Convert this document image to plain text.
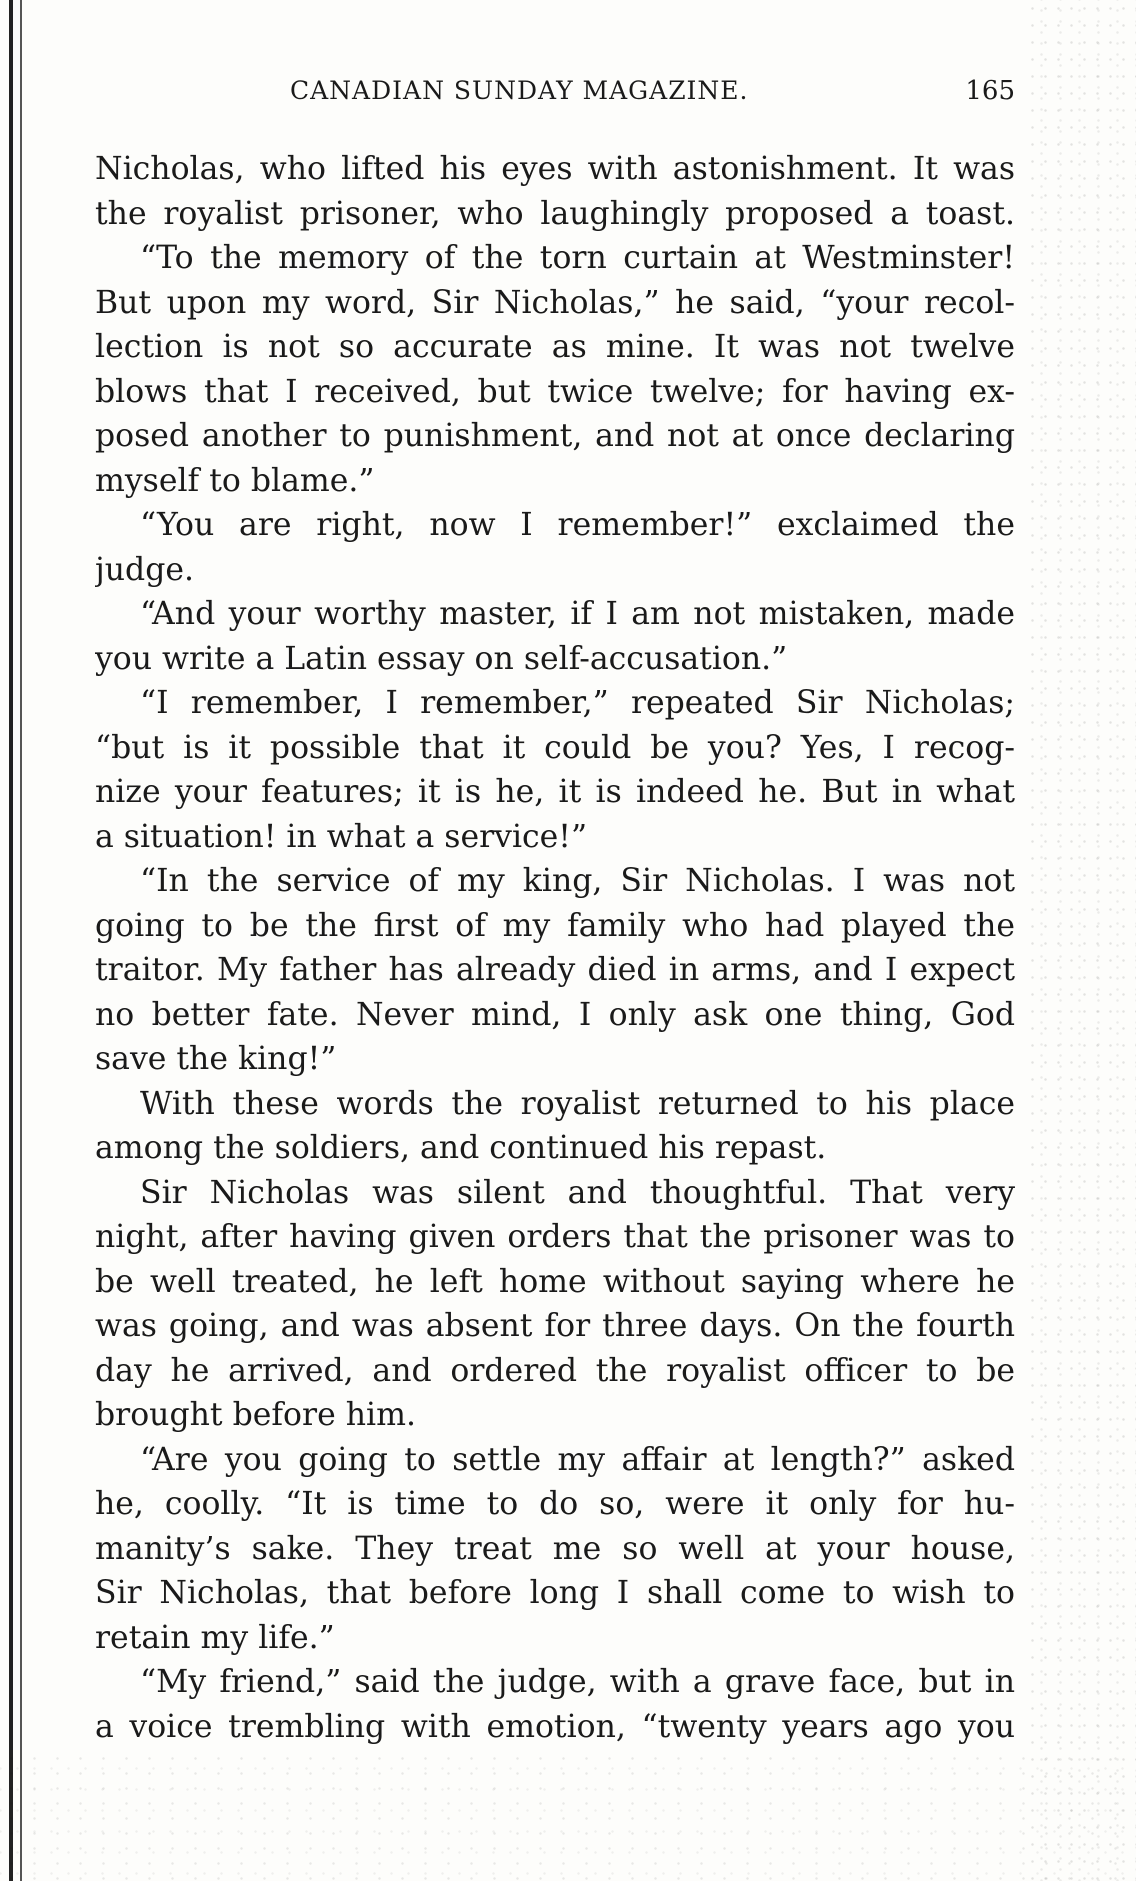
CANADIAN SUNDAY MAGAZINE.	165
Nicholas, who lifted his eyes with astonishment. It was
the royalist prisoner, who laughingly proposed a toast.
“To the memory of the torn curtain at Westminster!
But upon my word, Sir Nicholas,” he said, “your recol-
lection is not so accurate as mine. It was not twelve
blows that I received, but twice twelve; for having ex-
posed another to punishment, and not at once declaring
myself to blame.”
“You are right, now I remember!” exclaimed the
judge.
“And your worthy master, if I am not mistaken, made
you write a Latin essay on self-accusation.”
“I remember, I remember,” repeated Sir Nicholas;
“but is it possible that it could be you? Yes, I recog-
nize your features; it is he, it is indeed he. But in what
a situation! in what a service!”
“In the service of my king, Sir Nicholas. I was not
going to be the first of my family who had played the
traitor. My father has already died in arms, and I expect
no better fate. Never mind, I only ask one thing, God
save the king!”
With these words the royalist returned to his place
among the soldiers, and continued his repast.
Sir Nicholas was silent and thoughtful. That very
night, after having given orders that the prisoner was to
be well treated, he left home without saying where he
was going, and was absent for three days. On the fourth
day he arrived, and ordered the royalist officer to be
brought before him.
“Are you going to settle my affair at length?” asked
he, coolly. “It is time to do so, were it only for hu-
manity’s sake. They treat me so well at your house,
Sir Nicholas, that before long I shall come to wish to
retain my life.”
“My friend,” said the judge, with a grave face, but in
a voice trembling with emotion, “twenty years ago you
